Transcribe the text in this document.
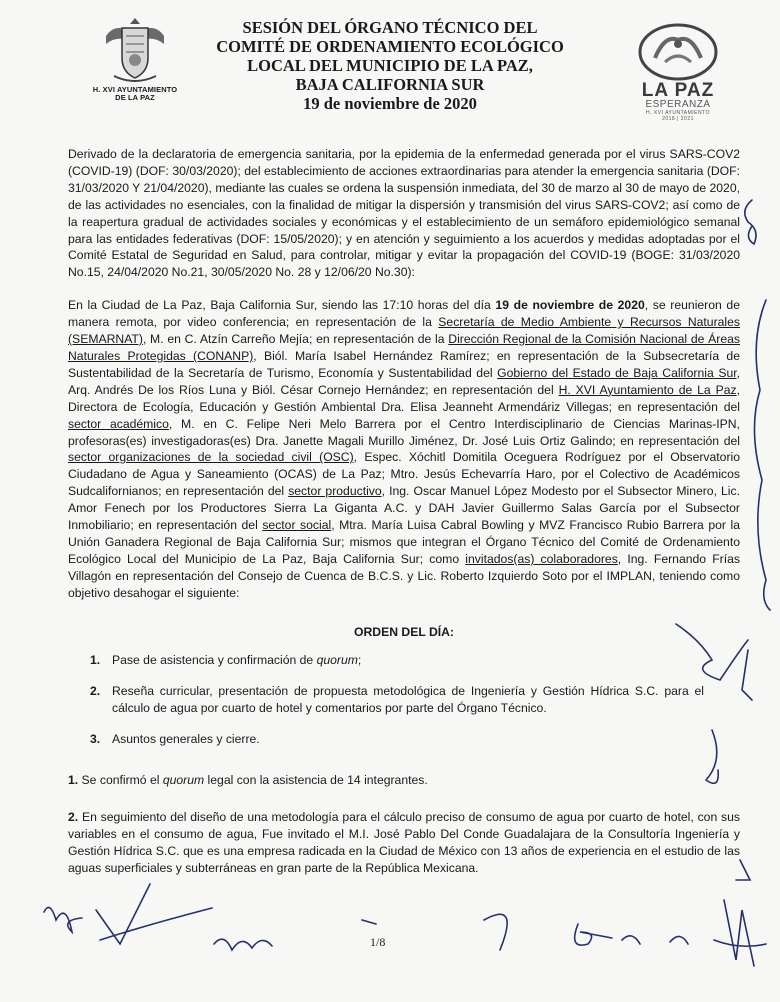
H. XVI AYUNTAMIENTO
DE LA PAZ
SESIÓN DEL ÓRGANO TÉCNICO DEL
COMITÉ DE ORDENAMIENTO ECOLÓGICO
LOCAL DEL MUNICIPIO DE LA PAZ,
BAJA CALIFORNIA SUR
19 de noviembre de 2020
LA PAZ
ESPERANZA
H. XVI AYUNTAMIENTO
2018 | 2021

Derivado de la declaratoria de emergencia sanitaria, por la epidemia de la enfermedad generada por el virus SARS-COV2 (COVID-19) (DOF: 30/03/2020); del establecimiento de acciones extraordinarias para atender la emergencia sanitaria (DOF: 31/03/2020 Y 21/04/2020), mediante las cuales se ordena la suspensión inmediata, del 30 de marzo al 30 de mayo de 2020, de las actividades no esenciales, con la finalidad de mitigar la dispersión y transmisión del virus SARS-COV2; así como de la reapertura gradual de actividades sociales y económicas y el establecimiento de un semáforo epidemiológico semanal para las entidades federativas (DOF: 15/05/2020); y en atención y seguimiento a los acuerdos y medidas adoptadas por el Comité Estatal de Seguridad en Salud, para controlar, mitigar y evitar la propagación del COVID-19 (BOGE: 31/03/2020 No.15, 24/04/2020 No.21, 30/05/2020 No. 28 y 12/06/20 No.30):

En la Ciudad de La Paz, Baja California Sur, siendo las 17:10 horas del día 19 de noviembre de 2020, se reunieron de manera remota, por video conferencia; en representación de la Secretaría de Medio Ambiente y Recursos Naturales (SEMARNAT), M. en C. Atzín Carreño Mejía; en representación de la Dirección Regional de la Comisión Nacional de Áreas Naturales Protegidas (CONANP), Biól. María Isabel Hernández Ramírez; en representación de la Subsecretaría de Sustentabilidad de la Secretaría de Turismo, Economía y Sustentabilidad del Gobierno del Estado de Baja California Sur, Arq. Andrés De los Ríos Luna y Biól. César Cornejo Hernández; en representación del H. XVI Ayuntamiento de La Paz, Directora de Ecología, Educación y Gestión Ambiental Dra. Elisa Jeanneht Armendáriz Villegas; en representación del sector académico, M. en C. Felipe Neri Melo Barrera por el Centro Interdisciplinario de Ciencias Marinas-IPN, profesoras(es) investigadoras(es) Dra. Janette Magali Murillo Jiménez, Dr. José Luis Ortiz Galindo; en representación del sector organizaciones de la sociedad civil (OSC), Espec. Xóchitl Domitila Oceguera Rodríguez por el Observatorio Ciudadano de Agua y Saneamiento (OCAS) de La Paz; Mtro. Jesús Echevarría Haro, por el Colectivo de Académicos Sudcalifornianos; en representación del sector productivo, Ing. Oscar Manuel López Modesto por el Subsector Minero, Lic. Amor Fenech por los Productores Sierra La Giganta A.C. y DAH Javier Guillermo Salas García por el Subsector Inmobiliario; en representación del sector social, Mtra. María Luisa Cabral Bowling y MVZ Francisco Rubio Barrera por la Unión Ganadera Regional de Baja California Sur; mismos que integran el Órgano Técnico del Comité de Ordenamiento Ecológico Local del Municipio de La Paz, Baja California Sur; como invitados(as) colaboradores, Ing. Fernando Frías Villagón en representación del Consejo de Cuenca de B.C.S. y Lic. Roberto Izquierdo Soto por el IMPLAN, teniendo como objetivo desahogar el siguiente:

ORDEN DEL DÍA:

1. Pase de asistencia y confirmación de quorum;
2. Reseña curricular, presentación de propuesta metodológica de Ingeniería y Gestión Hídrica S.C. para el cálculo de agua por cuarto de hotel y comentarios por parte del Órgano Técnico.
3. Asuntos generales y cierre.

1. Se confirmó el quorum legal con la asistencia de 14 integrantes.

2. En seguimiento del diseño de una metodología para el cálculo preciso de consumo de agua por cuarto de hotel, con sus variables en el consumo de agua, Fue invitado el M.I. José Pablo Del Conde Guadalajara de la Consultoría Ingeniería y Gestión Hídrica S.C. que es una empresa radicada en la Ciudad de México con 13 años de experiencia en el estudio de las aguas superficiales y subterráneas en gran parte de la República Mexicana.

1/8
